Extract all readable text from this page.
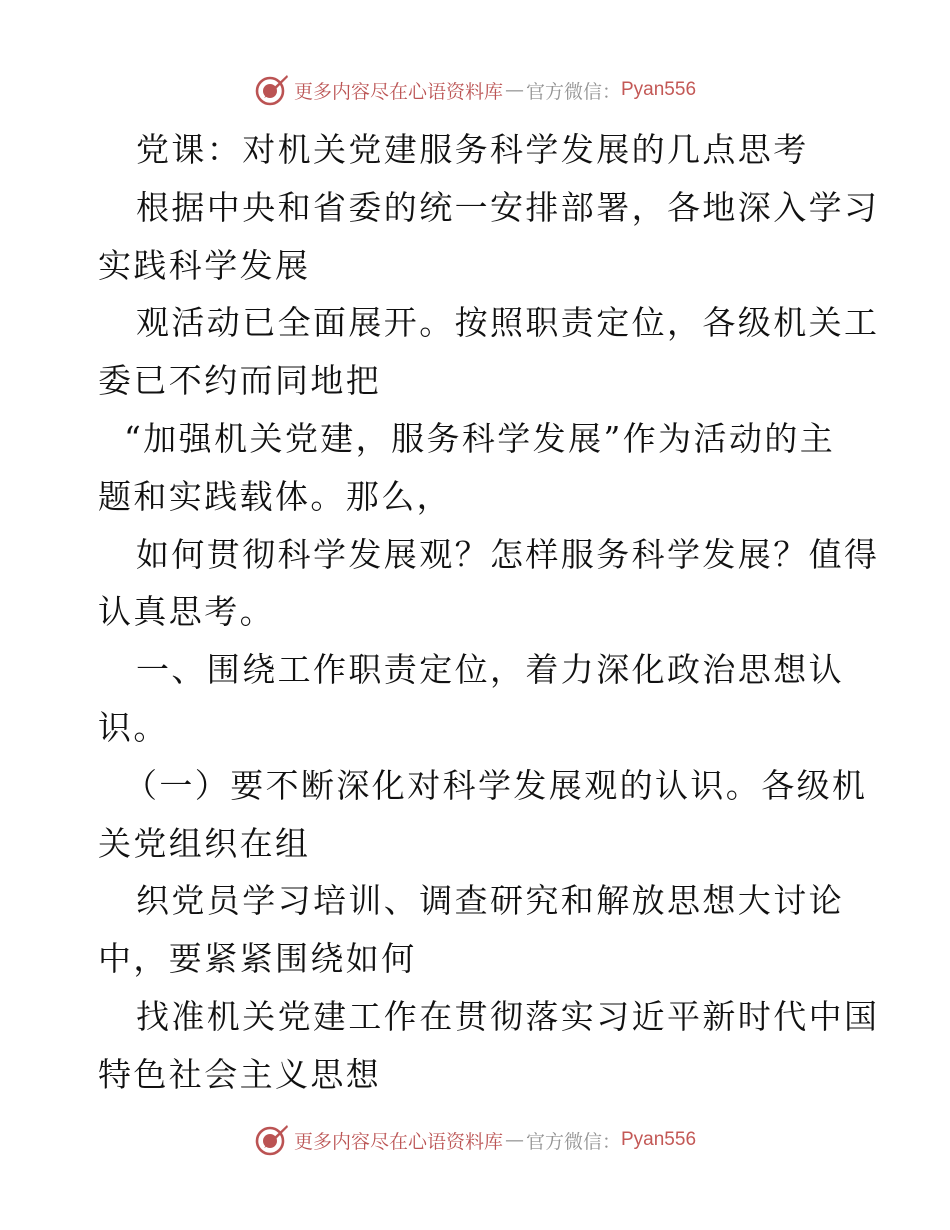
更多内容尽在心语资料库 — 官方微信： Pyan556
党课：对机关党建服务科学发展的几点思考
根据中央和省委的统一安排部署，各地深入学习
实践科学发展
观活动已全面展开。按照职责定位，各级机关工
委已不约而同地把
“加强机关党建，服务科学发展”作为活动的主
题和实践载体。那么，
如何贯彻科学发展观？怎样服务科学发展？值得
认真思考。
一、围绕工作职责定位，着力深化政治思想认
识。
（一）要不断深化对科学发展观的认识。各级机
关党组织在组
织党员学习培训、调查研究和解放思想大讨论
中，要紧紧围绕如何
找准机关党建工作在贯彻落实习近平新时代中国
特色社会主义思想
更多内容尽在心语资料库 — 官方微信： Pyan556
